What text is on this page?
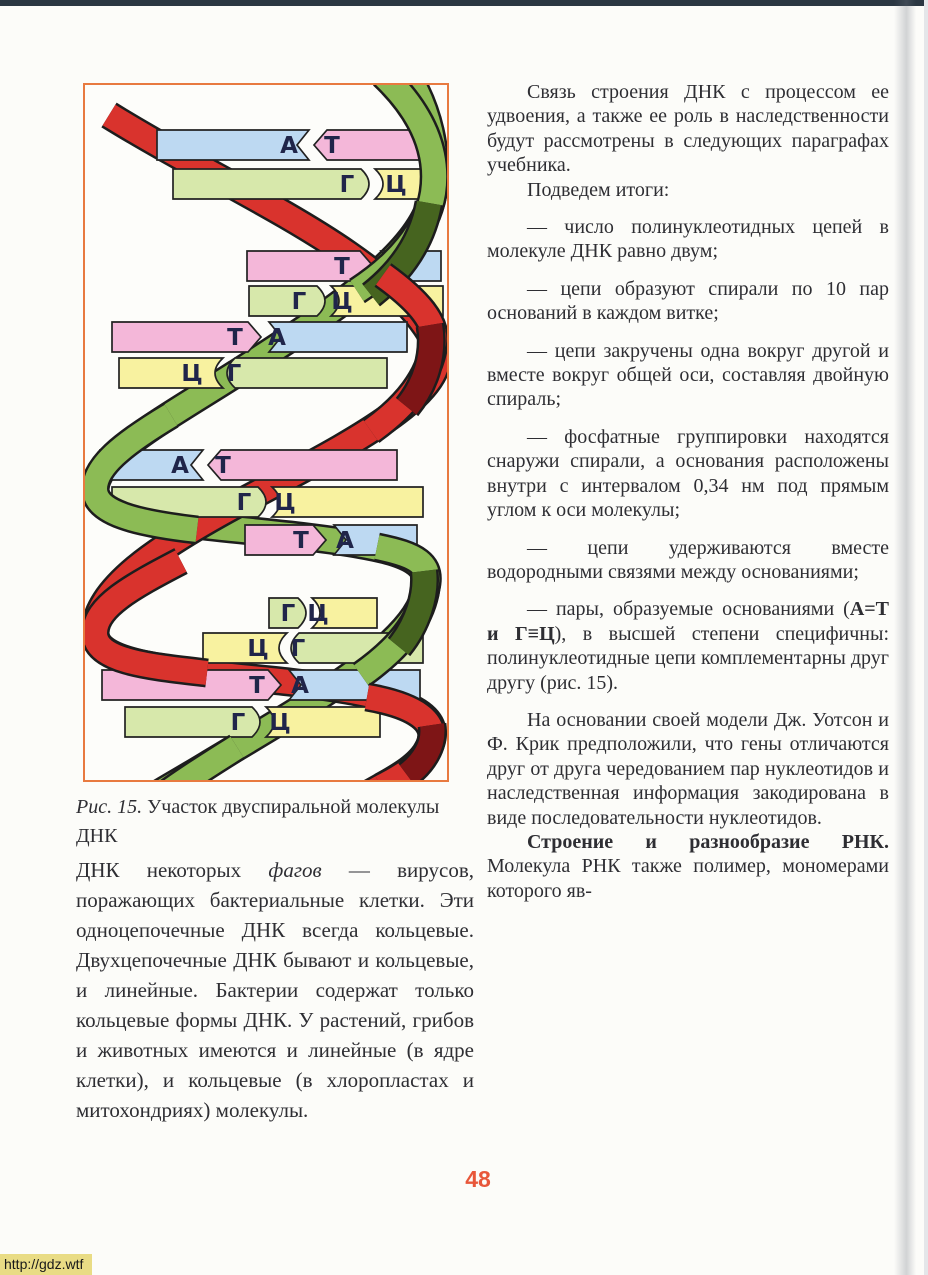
А Т
Г Ц
Т А
Г Ц
Т А
Ц Г
А Т
Г Ц
Т А
Г Ц
Ц Г
Т А
Г Ц

Рис. 15. Участок двуспиральной молекулы ДНК

ДНК некоторых фагов — вирусов, поражающих бактериальные клетки. Эти одноцепочечные ДНК всегда кольцевые. Двухцепочечные ДНК бывают и кольцевые, и линейные. Бактерии содержат только кольцевые формы ДНК. У растений, грибов и животных имеются и линейные (в ядре клетки), и кольцевые (в хлоропластах и митохондриях) молекулы.

Связь строения ДНК с процессом ее удвоения, а также ее роль в наследственности будут рассмотрены в следующих параграфах учебника.

Подведем итоги:

— число полинуклеотидных цепей в молекуле ДНК равно двум;

— цепи образуют спирали по 10 пар оснований в каждом витке;

— цепи закручены одна вокруг другой и вместе вокруг общей оси, составляя двойную спираль;

— фосфатные группировки находятся снаружи спирали, а основания расположены внутри с интервалом 0,34 нм под прямым углом к оси молекулы;

— цепи удерживаются вместе водородными связями между основаниями;

— пары, образуемые основаниями (А=Т и Г≡Ц), в высшей степени специфичны: полинуклеотидные цепи комплементарны друг другу (рис. 15).

На основании своей модели Дж. Уотсон и Ф. Крик предположили, что гены отличаются друг от друга чередованием пар нуклеотидов и наследственная информация закодирована в виде последовательности нуклеотидов.

Строение и разнообразие РНК. Молекула РНК также полимер, мономерами которого яв-

48
http://gdz.wtf
